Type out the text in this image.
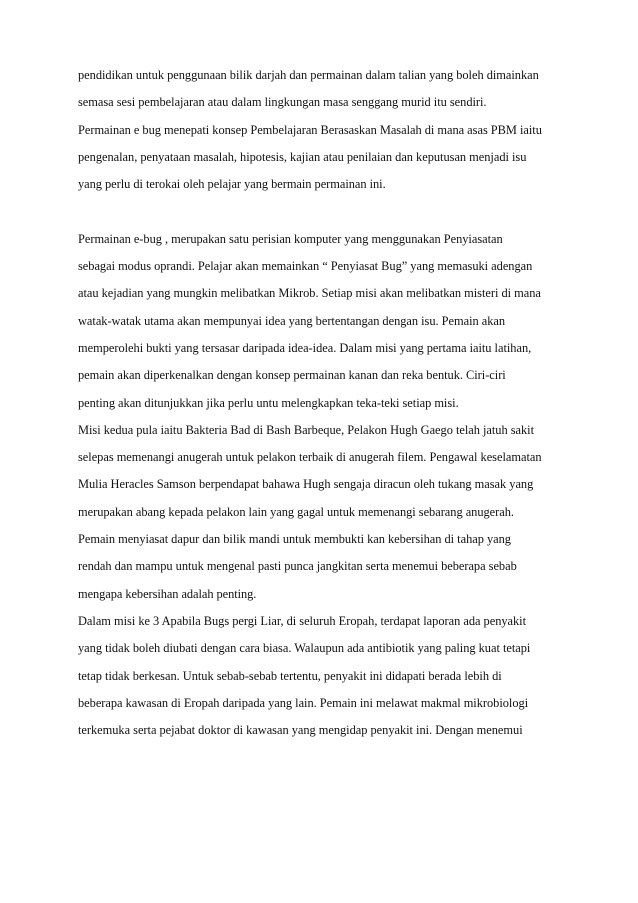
pendidikan untuk penggunaan bilik darjah dan permainan dalam talian yang boleh dimainkan
semasa sesi pembelajaran atau dalam lingkungan masa senggang murid itu sendiri.
Permainan e bug menepati konsep Pembelajaran Berasaskan Masalah di mana asas PBM iaitu
pengenalan, penyataan masalah, hipotesis, kajian atau penilaian dan keputusan menjadi isu
yang perlu di terokai oleh pelajar yang bermain permainan ini.
Permainan e-bug , merupakan satu perisian komputer yang menggunakan Penyiasatan
sebagai modus oprandi. Pelajar akan memainkan “ Penyiasat Bug” yang memasuki adengan
atau kejadian yang mungkin melibatkan Mikrob. Setiap misi akan melibatkan misteri di mana
watak-watak utama akan mempunyai idea yang bertentangan dengan isu. Pemain akan
memperolehi bukti yang tersasar daripada idea-idea. Dalam misi yang pertama iaitu latihan,
pemain akan diperkenalkan dengan konsep permainan kanan dan reka bentuk. Ciri-ciri
penting akan ditunjukkan jika perlu untu melengkapkan teka-teki setiap misi.
Misi kedua pula iaitu Bakteria Bad di Bash Barbeque, Pelakon Hugh Gaego telah jatuh sakit
selepas memenangi anugerah untuk pelakon terbaik di anugerah filem. Pengawal keselamatan
Mulia Heracles Samson berpendapat bahawa Hugh sengaja diracun oleh tukang masak yang
merupakan abang kepada pelakon lain yang gagal untuk memenangi sebarang anugerah.
Pemain menyiasat dapur dan bilik mandi untuk membukti kan kebersihan di tahap yang
rendah dan mampu untuk mengenal pasti punca jangkitan serta menemui beberapa sebab
mengapa kebersihan adalah penting.
Dalam misi ke 3 Apabila Bugs pergi Liar, di seluruh Eropah, terdapat laporan ada penyakit
yang tidak boleh diubati dengan cara biasa. Walaupun ada antibiotik yang paling kuat tetapi
tetap tidak berkesan. Untuk sebab-sebab tertentu, penyakit ini didapati berada lebih di
beberapa kawasan di Eropah daripada yang lain. Pemain ini melawat makmal mikrobiologi
terkemuka serta pejabat doktor di kawasan yang mengidap penyakit ini. Dengan menemui
